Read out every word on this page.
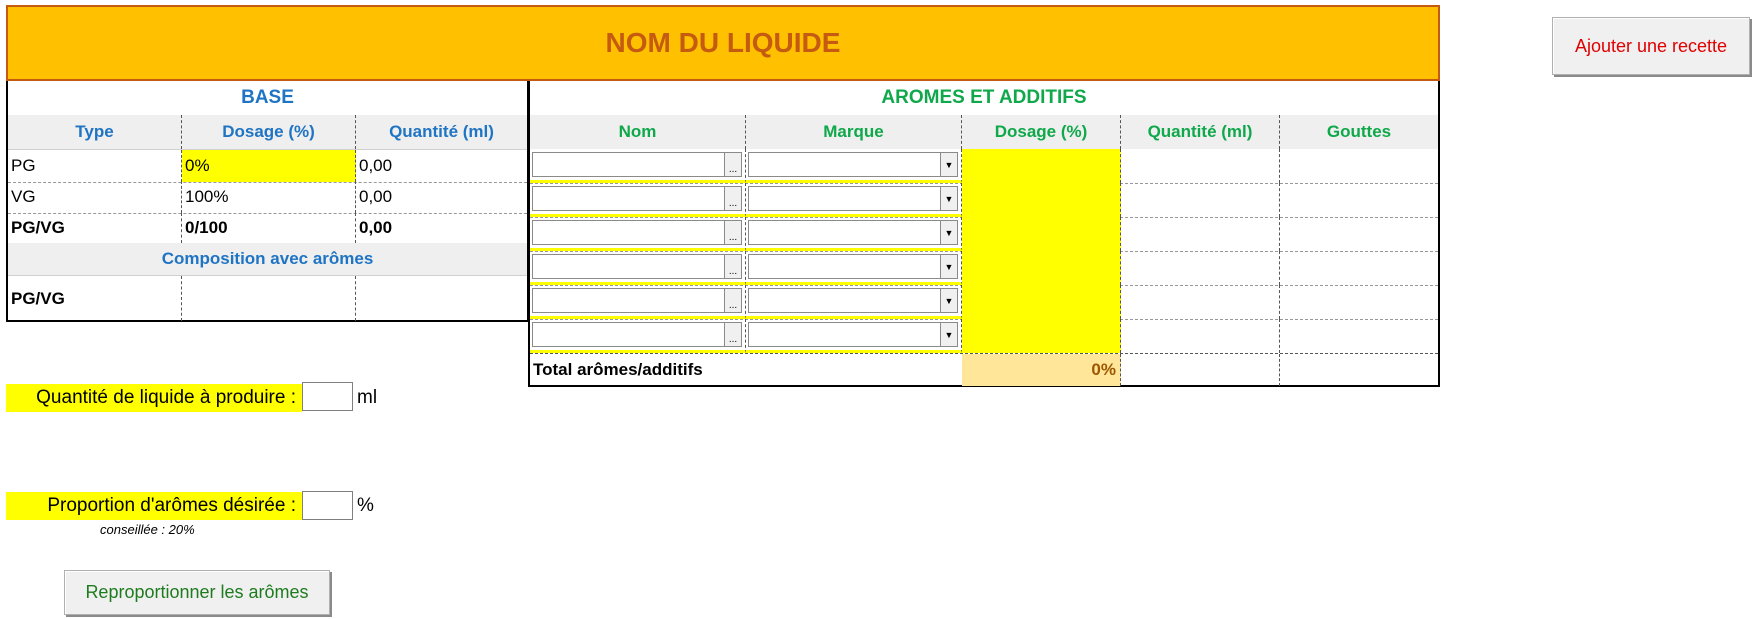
NOM DU LIQUIDE	Ajouter une recette
BASE
Type	Dosage (%)	Quantité (ml)
PG	0%	0,00
VG	100%	0,00
PG/VG	0/100	0,00
Composition avec arômes
PG/VG
AROMES ET ADDITIFS
Nom	Marque	Dosage (%)	Quantité (ml)	Gouttes
...	▼
...	▼
...	▼
...	▼
...	▼
...	▼
Total arômes/additifs	0%
Quantité de liquide à produire :	ml
Proportion d'arômes désirée :	%
conseillée : 20%
Reproportionner les arômes
